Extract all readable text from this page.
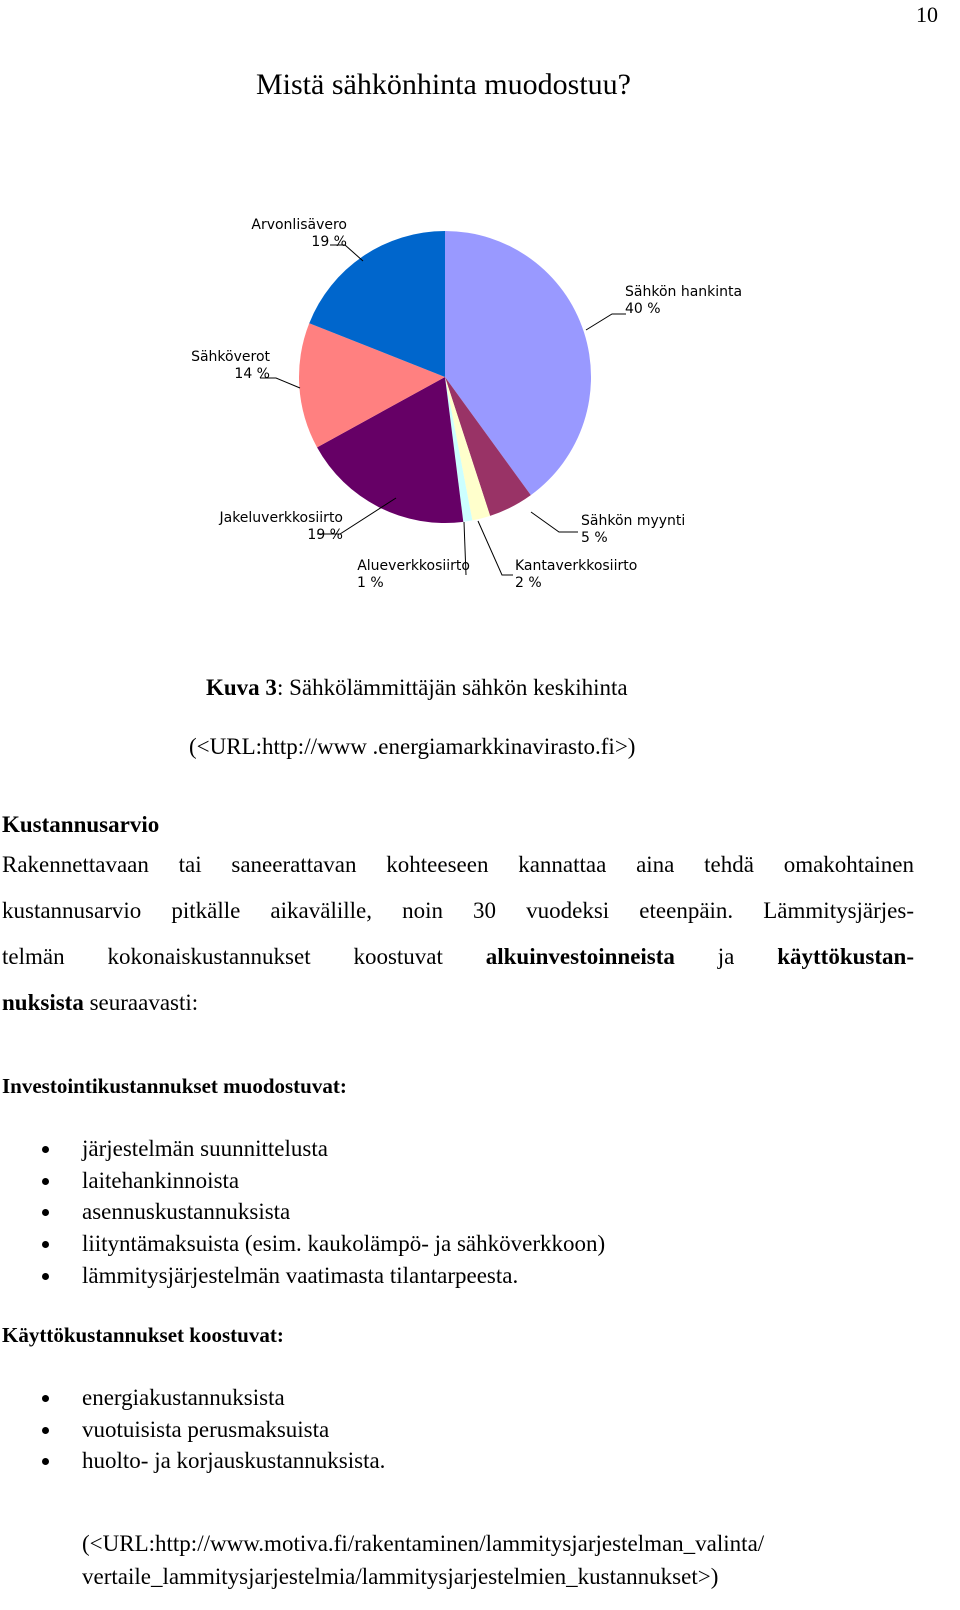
10
Mistä sähkönhinta muodostuu?
Sähkön hankinta
40 %
Sähkön myynti
5 %
Kantaverkkosiirto
2 %
Alueverkkosiirto
1 %
Jakeluverkkosiirto
19 %
Sähköverot
14 %
Arvonlisävero
19 %
Kuva 3: Sähkölämmittäjän sähkön keskihinta
(<URL:http://www .energiamarkkinavirasto.fi>)
Kustannusarvio
Rakennettavaan tai saneerattavan kohteeseen kannattaa aina tehdä omakohtainen
kustannusarvio pitkälle aikavälille, noin 30 vuodeksi eteenpäin. Lämmitysjärjes-
telmän kokonaiskustannukset koostuvat alkuinvestoinneista ja käyttökustan-
nuksista seuraavasti:
Investointikustannukset muodostuvat:
järjestelmän suunnittelusta
laitehankinnoista
asennuskustannuksista
liityntämaksuista (esim. kaukolämpö- ja sähköverkkoon)
lämmitysjärjestelmän vaatimasta tilantarpeesta.
Käyttökustannukset koostuvat:
energiakustannuksista
vuotuisista perusmaksuista
huolto- ja korjauskustannuksista.
(<URL:http://www.motiva.fi/rakentaminen/lammitysjarjestelman_valinta/
vertaile_lammitysjarjestelmia/lammitysjarjestelmien_kustannukset>)
